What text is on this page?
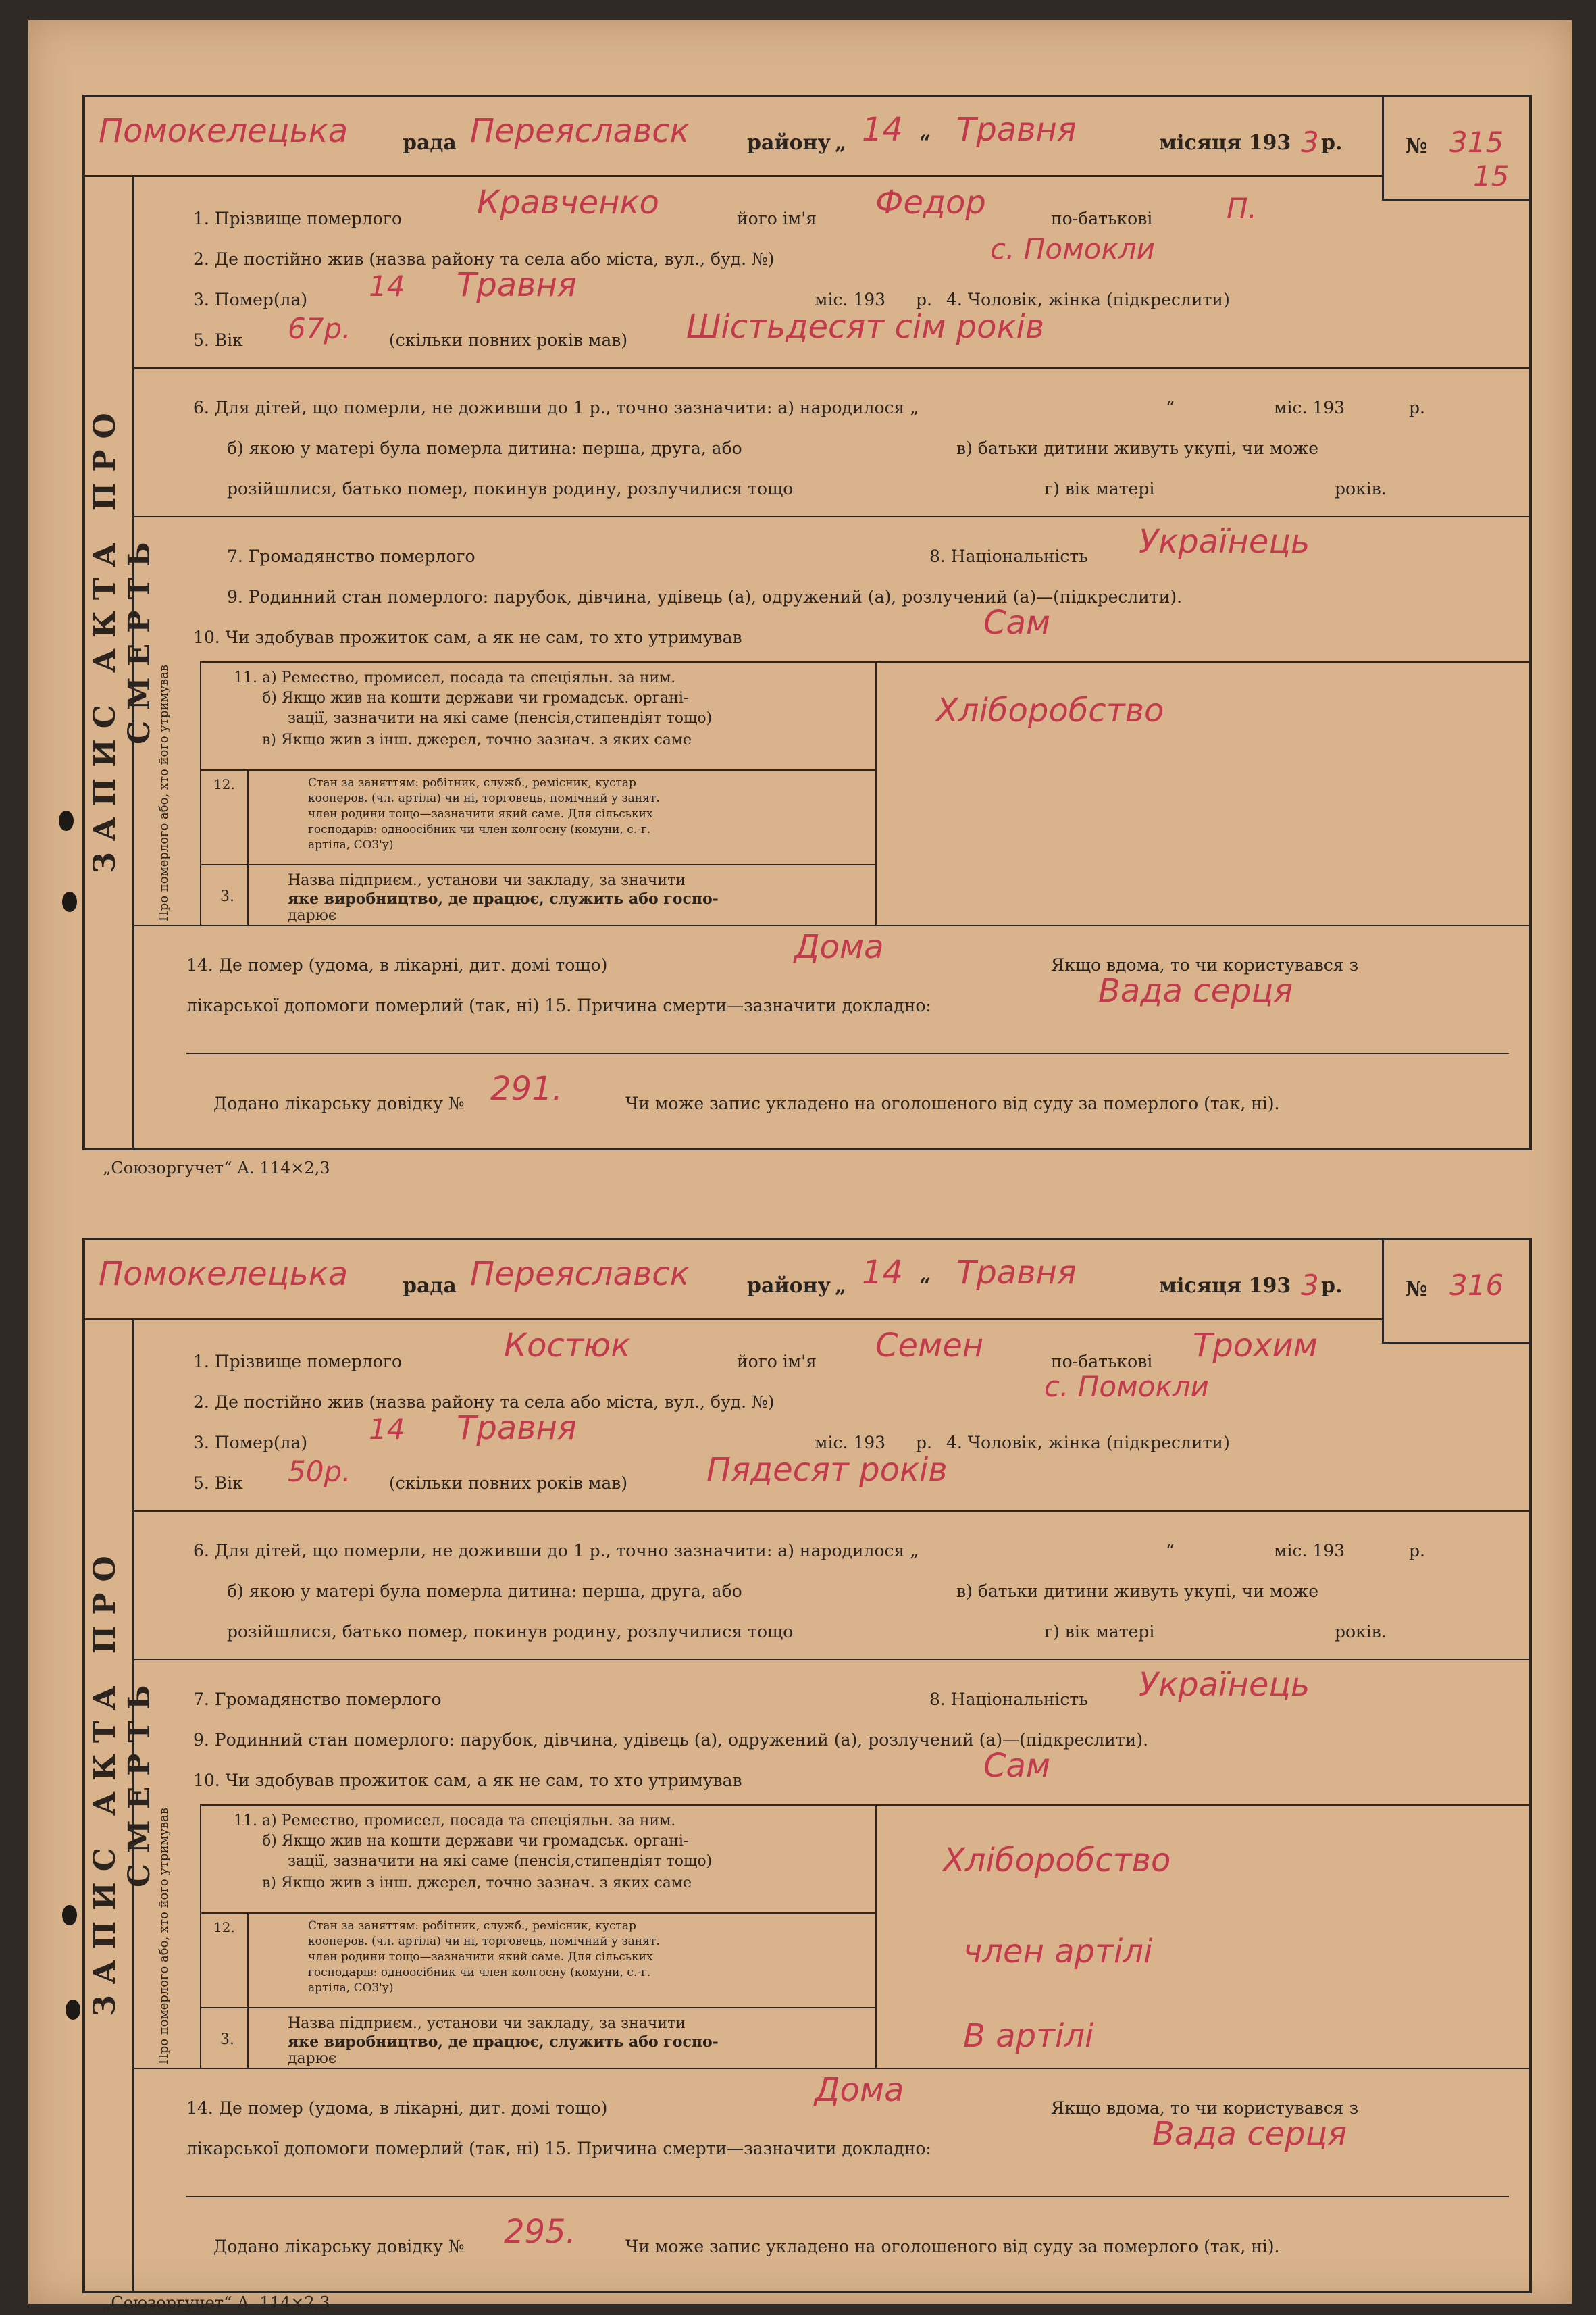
ЗАПИС АКТА ПРО СМЕРТЬ
Помокелецька	рада Переяславск	району „ 14 “ Травня	місяця 193 3 р.	№ 315
15
1. Прізвище померлого Кравченко	його ім'я Федор	по-батькові	П.
2. Де постійно жив (назва району та села або міста, вул., буд. №)	с. Помокли
3. Помер(ла) 14 Травня	міс. 193 р. 4. Чоловік, жінка (підкреслити)
5. Вік 67р. (скільки повних років мав) Шістьдесят сім років
6. Для дітей, що померли, не доживши до 1 р., точно зазначити: а) народилося „	“	міс. 193	р.
б) якою у матері була померла дитина: перша, друга, або	в) батьки дитини живуть укупі, чи може
розійшлися, батько помер, покинув родину, розлучилися тощо	г) вік матері	років.
7. Громадянство померлого	8. Національність Українець
9. Родинний стан померлого: парубок, дівчина, удівець (а), одружений (а), розлучений (а)—(підкреслити).
10. Чи здобував прожиток сам, а як не сам, то хто утримував	Сам
Про померлого або, хто його утримував	11. а) Ремество, промисел, посада та спеціяльн. за ним.
б) Якщо жив на кошти держави чи громадськ. органі-
зації, зазначити на які саме (пенсія,стипендіят тощо)
в) Якщо жив з інш. джерел, точно зазнач. з яких саме
Хліборобство
12.	Стан за заняттям: робітник, служб., ремісник, кустар
кооперов. (чл. артіла) чи ні, торговець, помічний у занят.
член родини тощо—зазначити який саме. Для сільських
господарів: одноосібник чи член колгосну (комуни, с.-г.
артіла, СОЗ'у)
3.
Назва підприєм., установи чи закладу, за значити
яке виробництво, де працює, служить або госпо-
дарює
14. Де помер (удома, в лікарні, дит. домі тощо)	Дома	Якщо вдома, то чи користувався з
лікарської допомоги померлий (так, ні) 15. Причина смерти—зазначити докладно:	Вада серця
Додано лікарську довідку № 291.	Чи може запис укладено на оголошеного від суду за померлого (так, ні).
„Союзоргучет“ А. 114×2,3
ЗАПИС АКТА ПРО СМЕРТЬ
Помокелецька	рада Переяславск	району „ 14 “ Травня	місяця 193 3 р.	№ 316
1. Прізвище померлого	Костюк	його ім'я Семен	по-батькові Трохим
2. Де постійно жив (назва району та села або міста, вул., буд. №)	с. Помокли
3. Помер(ла) 14 Травня	міс. 193 р. 4. Чоловік, жінка (підкреслити)
5. Вік 50р. (скільки повних років мав) Пядесят років
6. Для дітей, що померли, не доживши до 1 р., точно зазначити: а) народилося „	“	міс. 193	р.
б) якою у матері була померла дитина: перша, друга, або	в) батьки дитини живуть укупі, чи може
розійшлися, батько помер, покинув родину, розлучилися тощо	г) вік матері	років.
7. Громадянство померлого	8. Національність Українець
9. Родинний стан померлого: парубок, дівчина, удівець (а), одружений (а), розлучений (а)—(підкреслити).
10. Чи здобував прожиток сам, а як не сам, то хто утримував	Сам
Про померлого або, хто його утримував	11. а) Ремество, промисел, посада та спеціяльн. за ним.
б) Якщо жив на кошти держави чи громадськ. органі-
зації, зазначити на які саме (пенсія,стипендіят тощо)
в) Якщо жив з інш. джерел, точно зазнач. з яких саме
Хліборобство
12.	Стан за заняттям: робітник, служб., ремісник, кустар
кооперов. (чл. артіла) чи ні, торговець, помічний у занят.
член родини тощо—зазначити який саме. Для сільських
господарів: одноосібник чи член колгосну (комуни, с.-г.
артіла, СОЗ'у)
член артілі
3.
Назва підприєм., установи чи закладу, за значити
яке виробництво, де працює, служить або госпо-
дарює
В артілі
14. Де помер (удома, в лікарні, дит. домі тощо)	Дома	Якщо вдома, то чи користувався з
лікарської допомоги померлий (так, ні) 15. Причина смерти—зазначити докладно:	Вада серця
Додано лікарську довідку № 295.	Чи може запис укладено на оголошеного від суду за померлого (так, ні).
„Союзоргучет“ А. 114×2,3
